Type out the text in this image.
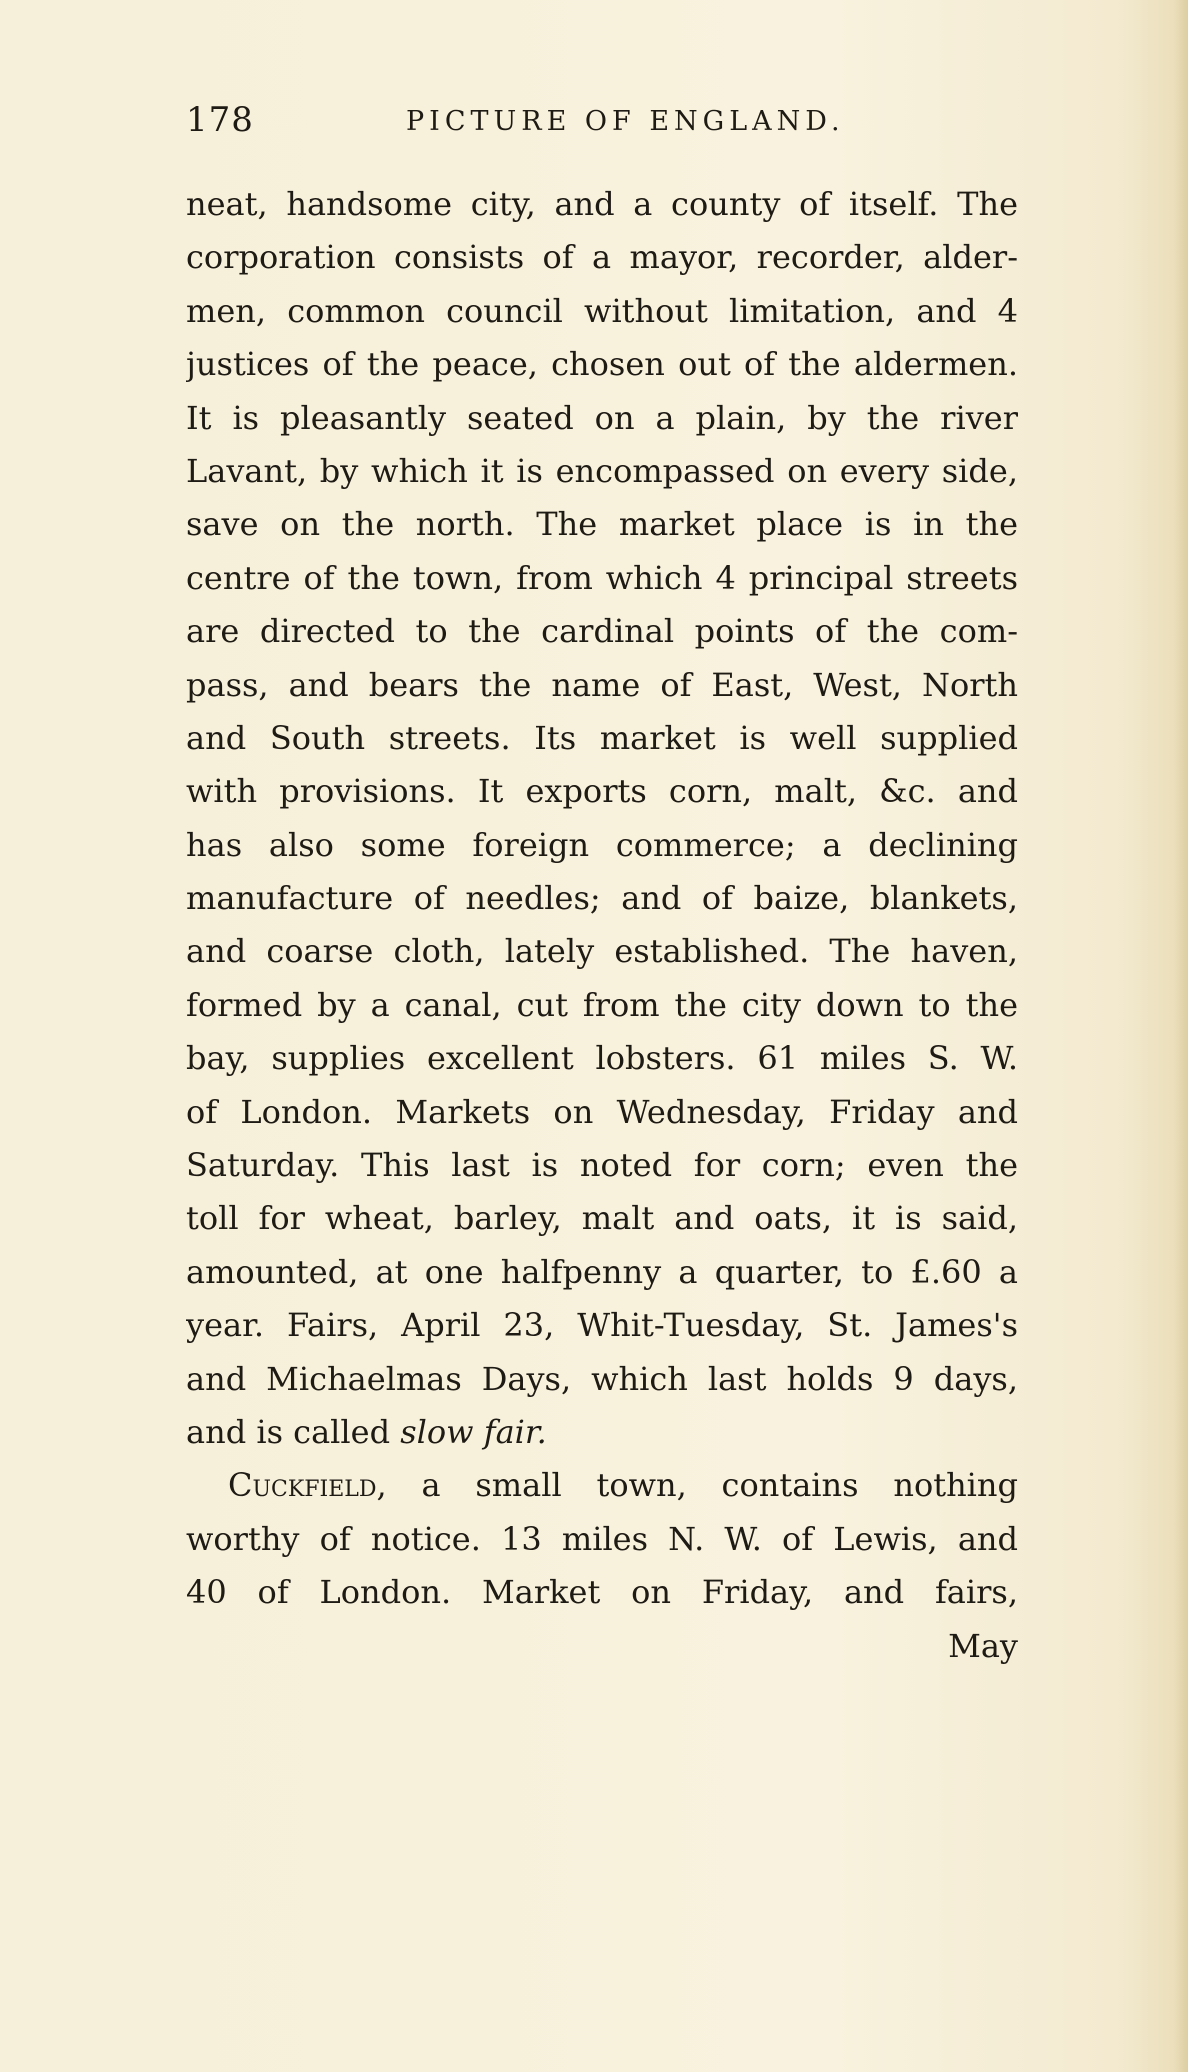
178	PICTURE OF ENGLAND.
neat, handsome city, and a county of itself. The
corporation consists of a mayor, recorder, alder-
men, common council without limitation, and 4
justices of the peace, chosen out of the aldermen.
It is pleasantly seated on a plain, by the river
Lavant, by which it is encompassed on every side,
save on the north. The market place is in the
centre of the town, from which 4 principal streets
are directed to the cardinal points of the com-
pass, and bears the name of East, West, North
and South streets. Its market is well supplied
with provisions. It exports corn, malt, &c. and
has also some foreign commerce; a declining
manufacture of needles; and of baize, blankets,
and coarse cloth, lately established. The haven,
formed by a canal, cut from the city down to the
bay, supplies excellent lobsters. 61 miles S. W.
of London. Markets on Wednesday, Friday and
Saturday. This last is noted for corn; even the
toll for wheat, barley, malt and oats, it is said,
amounted, at one halfpenny a quarter, to £.60 a
year. Fairs, April 23, Whit-Tuesday, St. James's
and Michaelmas Days, which last holds 9 days,
and is called slow fair.
Cuckfield, a small town, contains nothing
worthy of notice. 13 miles N. W. of Lewis, and
40 of London. Market on Friday, and fairs,
May
